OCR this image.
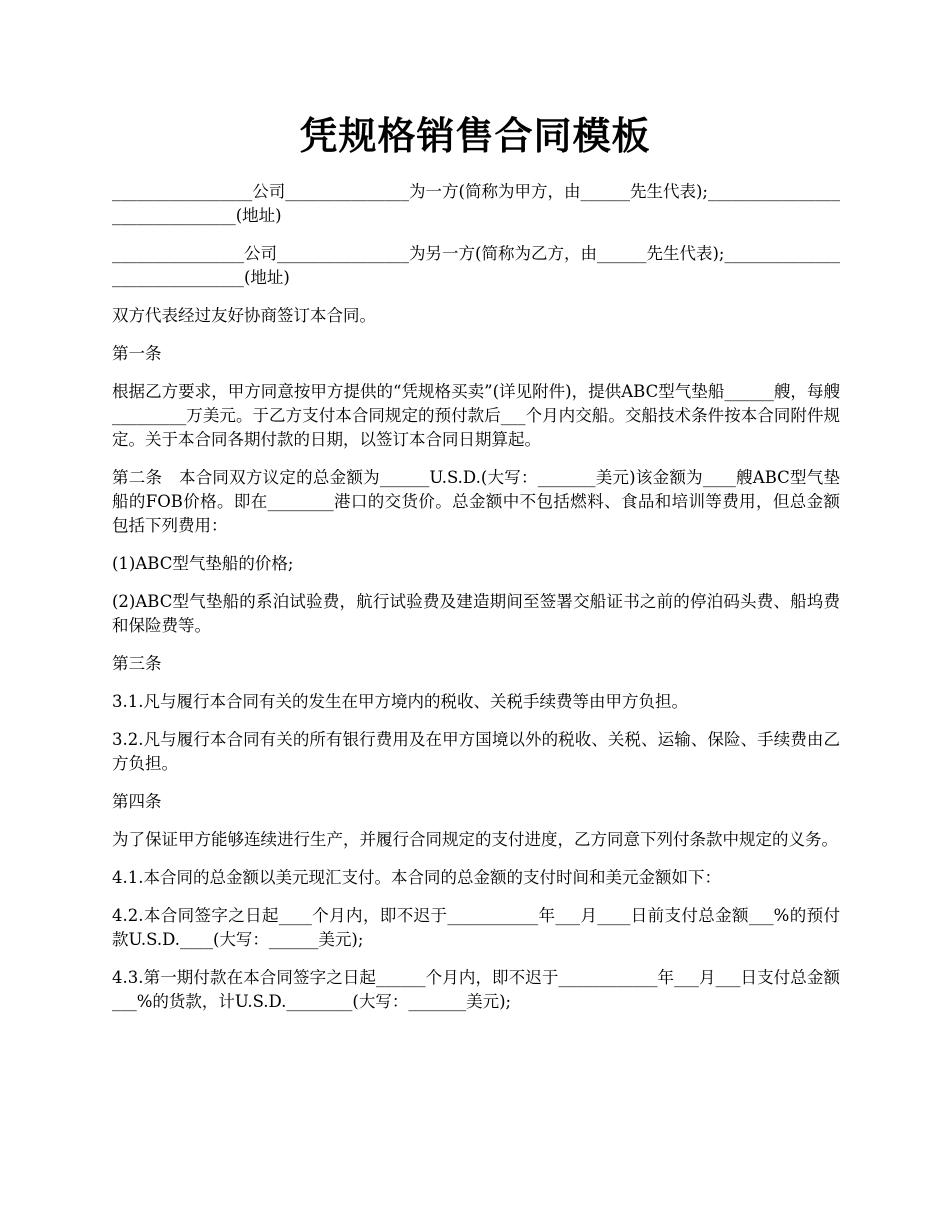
凭规格销售合同模板

_________________公司_______________为一方(简称为甲方，由______先生代表);_______________________________(地址)

________________公司________________为另一方(简称为乙方，由______先生代表);______________________________(地址)

双方代表经过友好协商签订本合同。

第一条

根据乙方要求，甲方同意按甲方提供的“凭规格买卖”(详见附件)，提供ABC型气垫船______艘，每艘_________万美元。于乙方支付本合同规定的预付款后___个月内交船。交船技术条件按本合同附件规定。关于本合同各期付款的日期，以签订本合同日期算起。

第二条　本合同双方议定的总金额为______U.S.D.(大写：_______美元)该金额为____艘ABC型气垫船的FOB价格。即在________港口的交货价。总金额中不包括燃料、食品和培训等费用，但总金额包括下列费用：

(1)ABC型气垫船的价格;

(2)ABC型气垫船的系泊试验费，航行试验费及建造期间至签署交船证书之前的停泊码头费、船坞费和保险费等。

第三条

3.1.凡与履行本合同有关的发生在甲方境内的税收、关税手续费等由甲方负担。

3.2.凡与履行本合同有关的所有银行费用及在甲方国境以外的税收、关税、运输、保险、手续费由乙方负担。

第四条

为了保证甲方能够连续进行生产，并履行合同规定的支付进度，乙方同意下列付条款中规定的义务。

4.1.本合同的总金额以美元现汇支付。本合同的总金额的支付时间和美元金额如下：

4.2.本合同签字之日起____个月内，即不迟于___________年___月____日前支付总金额___%的预付款U.S.D.____(大写：______美元);

4.3.第一期付款在本合同签字之日起______个月内，即不迟于____________年___月___日支付总金额___%的货款，计U.S.D.________(大写：_______美元);
